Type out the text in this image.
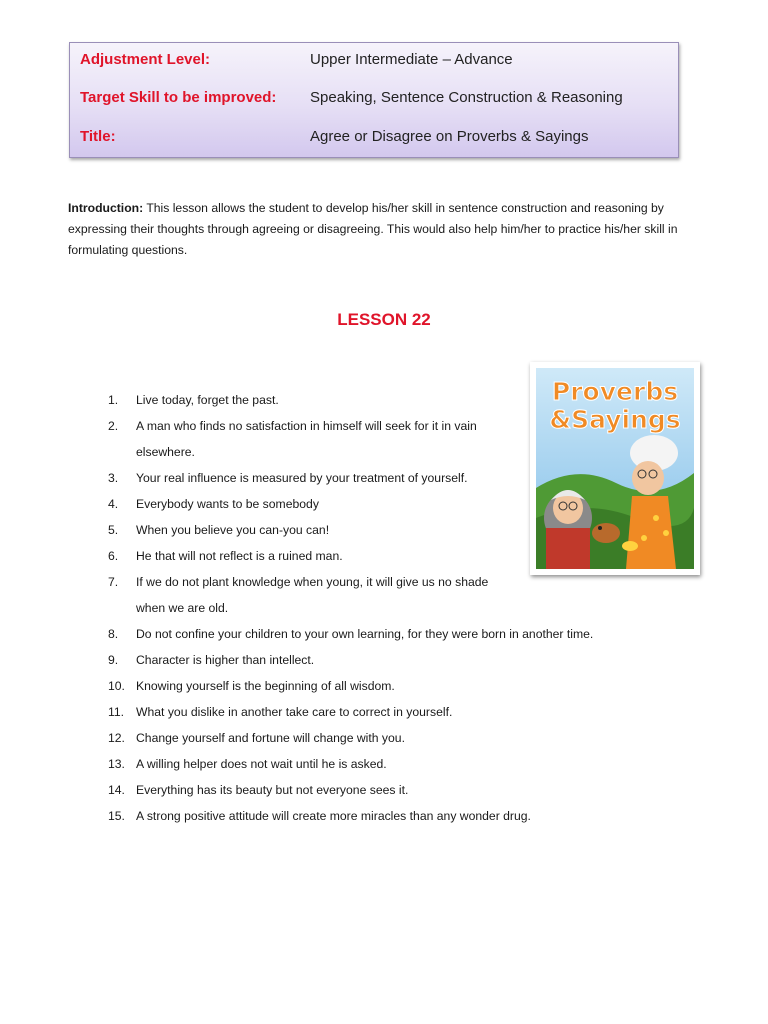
Adjustment Level:	Upper Intermediate – Advance
Target Skill to be improved: Speaking, Sentence Construction & Reasoning
Title:	Agree or Disagree on Proverbs & Sayings

Introduction: This lesson allows the student to develop his/her skill in sentence construction and reasoning by expressing their thoughts through agreeing or disagreeing. This would also help him/her to practice his/her skill in formulating questions.

LESSON 22
Proverbs
&Sayings
1. Live today, forget the past.
2. A man who finds no satisfaction in himself will seek for it in vain elsewhere.
3. Your real influence is measured by your treatment of yourself.
4. Everybody wants to be somebody
5. When you believe you can-you can!
6. He that will not reflect is a ruined man.
7. If we do not plant knowledge when young, it will give us no shade when we are old.
8. Do not confine your children to your own learning, for they were born in another time.
9. Character is higher than intellect.
10. Knowing yourself is the beginning of all wisdom.
11. What you dislike in another take care to correct in yourself.
12. Change yourself and fortune will change with you.
13. A willing helper does not wait until he is asked.
14. Everything has its beauty but not everyone sees it.
15. A strong positive attitude will create more miracles than any wonder drug.
